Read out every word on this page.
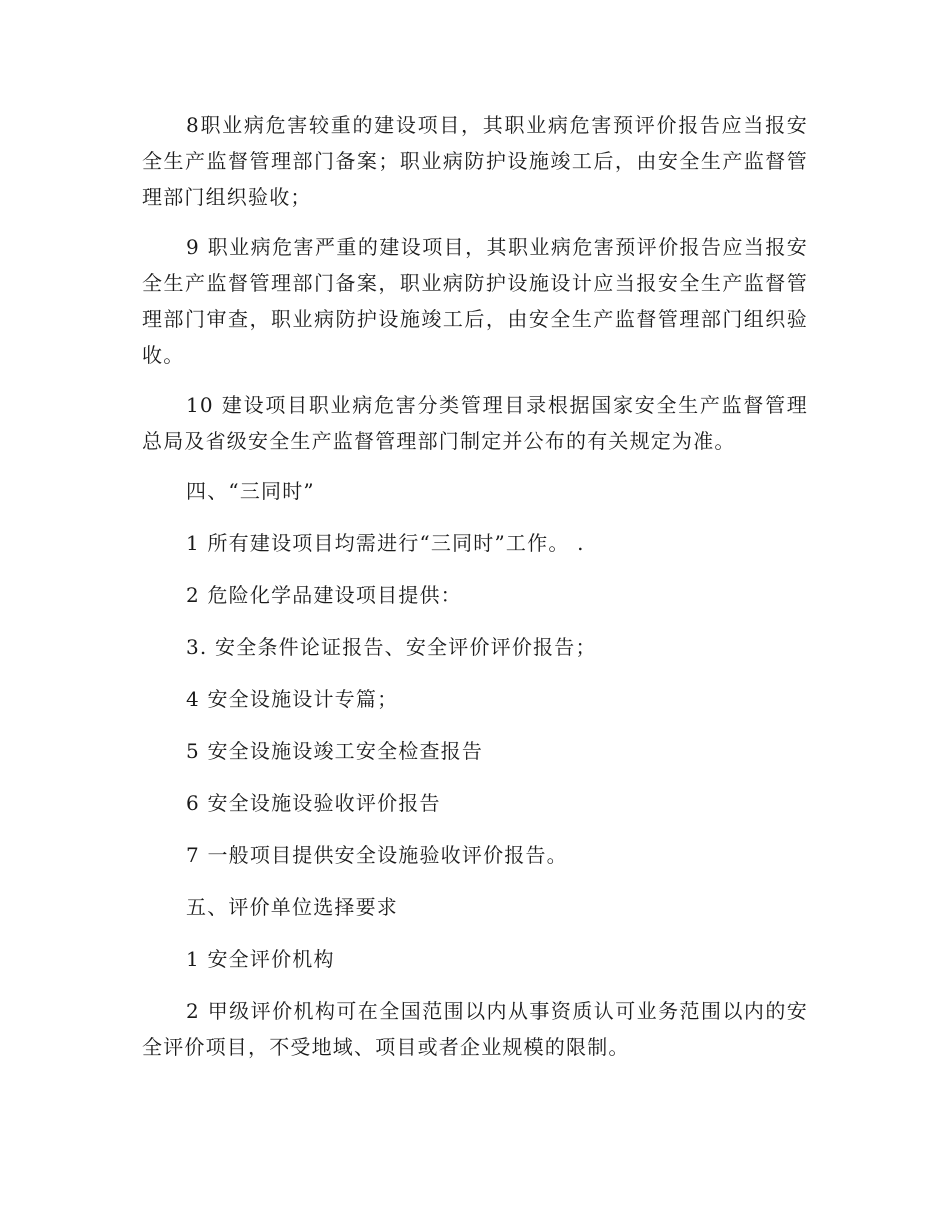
8职业病危害较重的建设项目，其职业病危害预评价报告应当报安全生产监督管理部门备案；职业病防护设施竣工后，由安全生产监督管理部门组织验收；

9 职业病危害严重的建设项目，其职业病危害预评价报告应当报安全生产监督管理部门备案，职业病防护设施设计应当报安全生产监督管理部门审查，职业病防护设施竣工后，由安全生产监督管理部门组织验收。

10 建设项目职业病危害分类管理目录根据国家安全生产监督管理总局及省级安全生产监督管理部门制定并公布的有关规定为准。

四、“三同时”

1 所有建设项目均需进行“三同时”工作。 .

2 危险化学品建设项目提供：

3. 安全条件论证报告、安全评价评价报告；

4 安全设施设计专篇；

5 安全设施设竣工安全检查报告

6 安全设施设验收评价报告

7 一般项目提供安全设施验收评价报告。

五、评价单位选择要求

1 安全评价机构

2 甲级评价机构可在全国范围以内从事资质认可业务范围以内的安全评价项目，不受地域、项目或者企业规模的限制。
